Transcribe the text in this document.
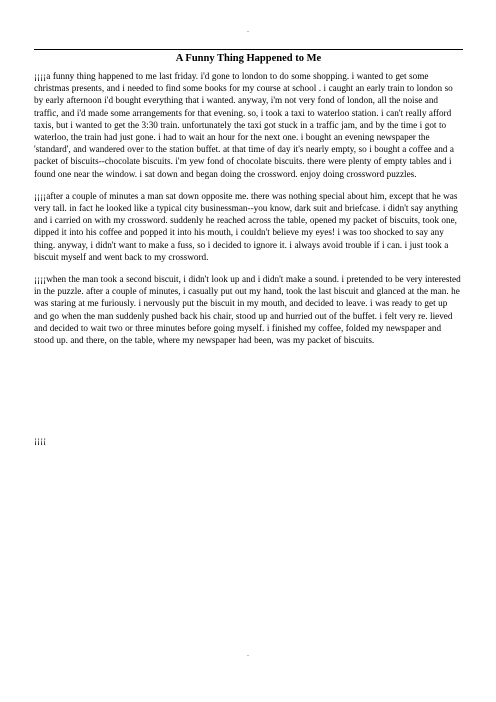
-
A Funny Thing Happened to Me

¡¡¡¡a funny thing happened to me last friday. i'd gone to london to do some shopping. i wanted to get some christmas presents, and i needed to find some books for my course at school . i caught an early train to london so by early afternoon i'd bought everything that i wanted. anyway, i'm not very fond of london, all the noise and traffic, and i'd made some arrangements for that evening. so, i took a taxi to waterloo station. i can't really afford taxis, but i wanted to get the 3:30 train. unfortunately the taxi got stuck in a traffic jam, and by the time i got to waterloo, the train had just gone. i had to wait an hour for the next one. i bought an evening newspaper the 'standard', and wandered over to the station buffet. at that time of day it's nearly empty, so i bought a coffee and a packet of biscuits--chocolate biscuits. i'm yew fond of chocolate biscuits. there were plenty of empty tables and i found one near the window. i sat down and began doing the crossword. enjoy doing crossword puzzles.

¡¡¡¡after a couple of minutes a man sat down opposite me. there was nothing special about him, except that he was very tall. in fact he looked like a typical city businessman--you know, dark suit and briefcase. i didn't say anything and i carried on with my crossword. suddenly he reached across the table, opened my packet of biscuits, took one, dipped it into his coffee and popped it into his mouth, i couldn't believe my eyes! i was too shocked to say any thing. anyway, i didn't want to make a fuss, so i decided to ignore it. i always avoid trouble if i can. i just took a biscuit myself and went back to my crossword.

¡¡¡¡when the man took a second biscuit, i didn't look up and i didn't make a sound. i pretended to be very interested in the puzzle. after a couple of minutes, i casually put out my hand, took the last biscuit and glanced at the man. he was staring at me furiously. i nervously put the biscuit in my mouth, and decided to leave. i was ready to get up and go when the man suddenly pushed back his chair, stood up and hurried out of the buffet. i felt very re. lieved and decided to wait two or three minutes before going myself. i finished my coffee, folded my newspaper and stood up. and there, on the table, where my newspaper had been, was my packet of biscuits.

¡¡¡¡
-
